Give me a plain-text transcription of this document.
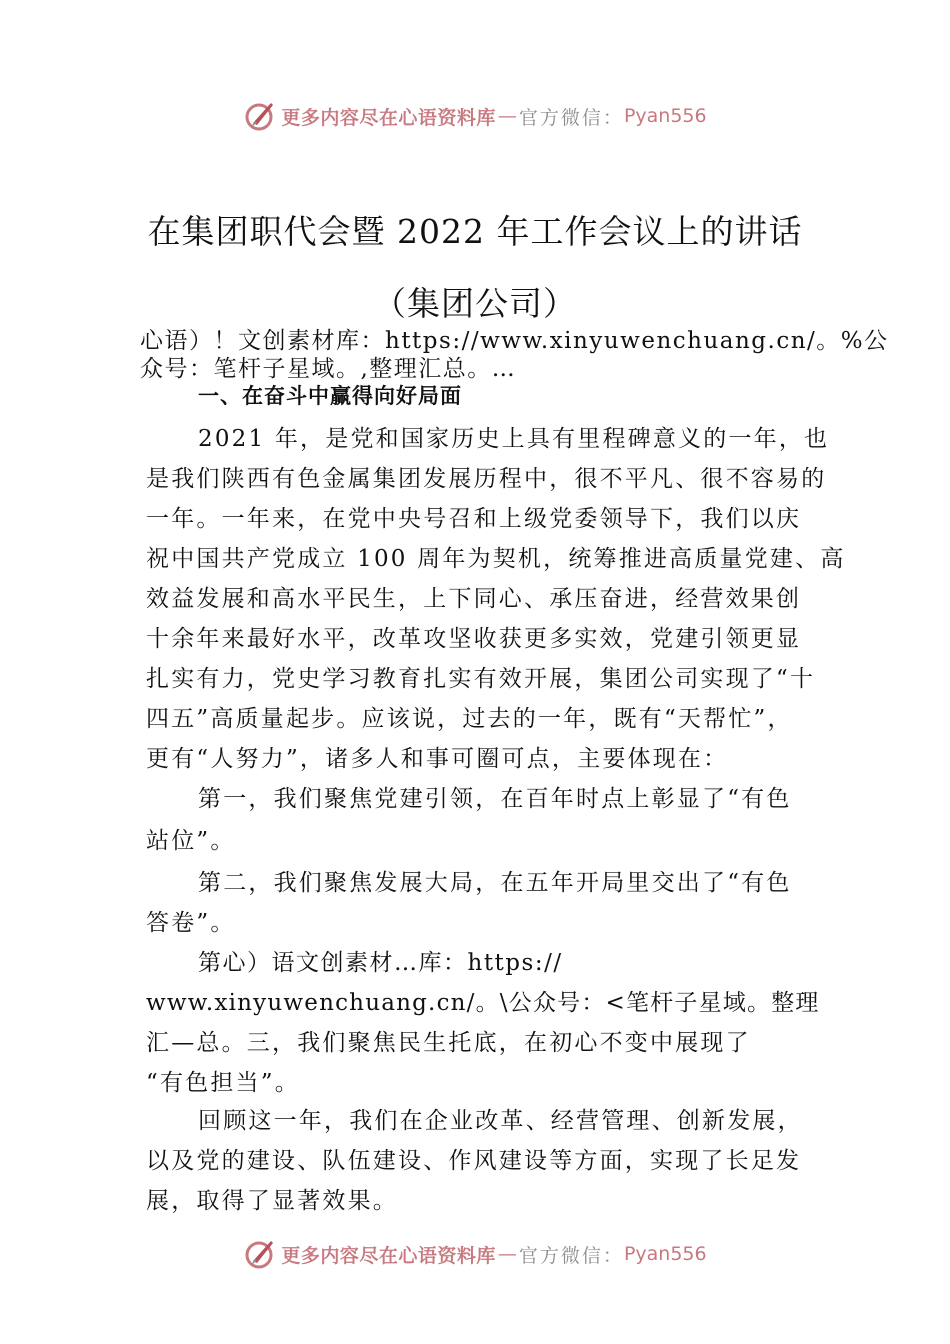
更多内容尽在心语资料库 — 官方微信： Pyan556
在集团职代会暨 2022 年工作会议上的讲话
（集团公司）
心语）！文创素材库：https://www.xinyuwenchuang.cn/。%公
众号：笔杆子星域。,整理汇总。…
一、在奋斗中赢得向好局面
2021 年，是党和国家历史上具有里程碑意义的一年，也
是我们陕西有色金属集团发展历程中，很不平凡、很不容易的
一年。一年来，在党中央号召和上级党委领导下，我们以庆
祝中国共产党成立 100 周年为契机，统筹推进高质量党建、高
效益发展和高水平民生，上下同心、承压奋进，经营效果创
十余年来最好水平，改革攻坚收获更多实效，党建引领更显
扎实有力，党史学习教育扎实有效开展，集团公司实现了“十
四五”高质量起步。应该说，过去的一年，既有“天帮忙”，
更有“人努力”，诸多人和事可圈可点，主要体现在：
第一，我们聚焦党建引领，在百年时点上彰显了“有色
站位”。
第二，我们聚焦发展大局，在五年开局里交出了“有色
答卷”。
第心）语文创素材…库：https://
www.xinyuwenchuang.cn/。\公众号：<笔杆子星域。整理
汇—总。三，我们聚焦民生托底，在初心不变中展现了
“有色担当”。
回顾这一年，我们在企业改革、经营管理、创新发展，
以及党的建设、队伍建设、作风建设等方面，实现了长足发
展，取得了显著效果。
更多内容尽在心语资料库 — 官方微信： Pyan556
